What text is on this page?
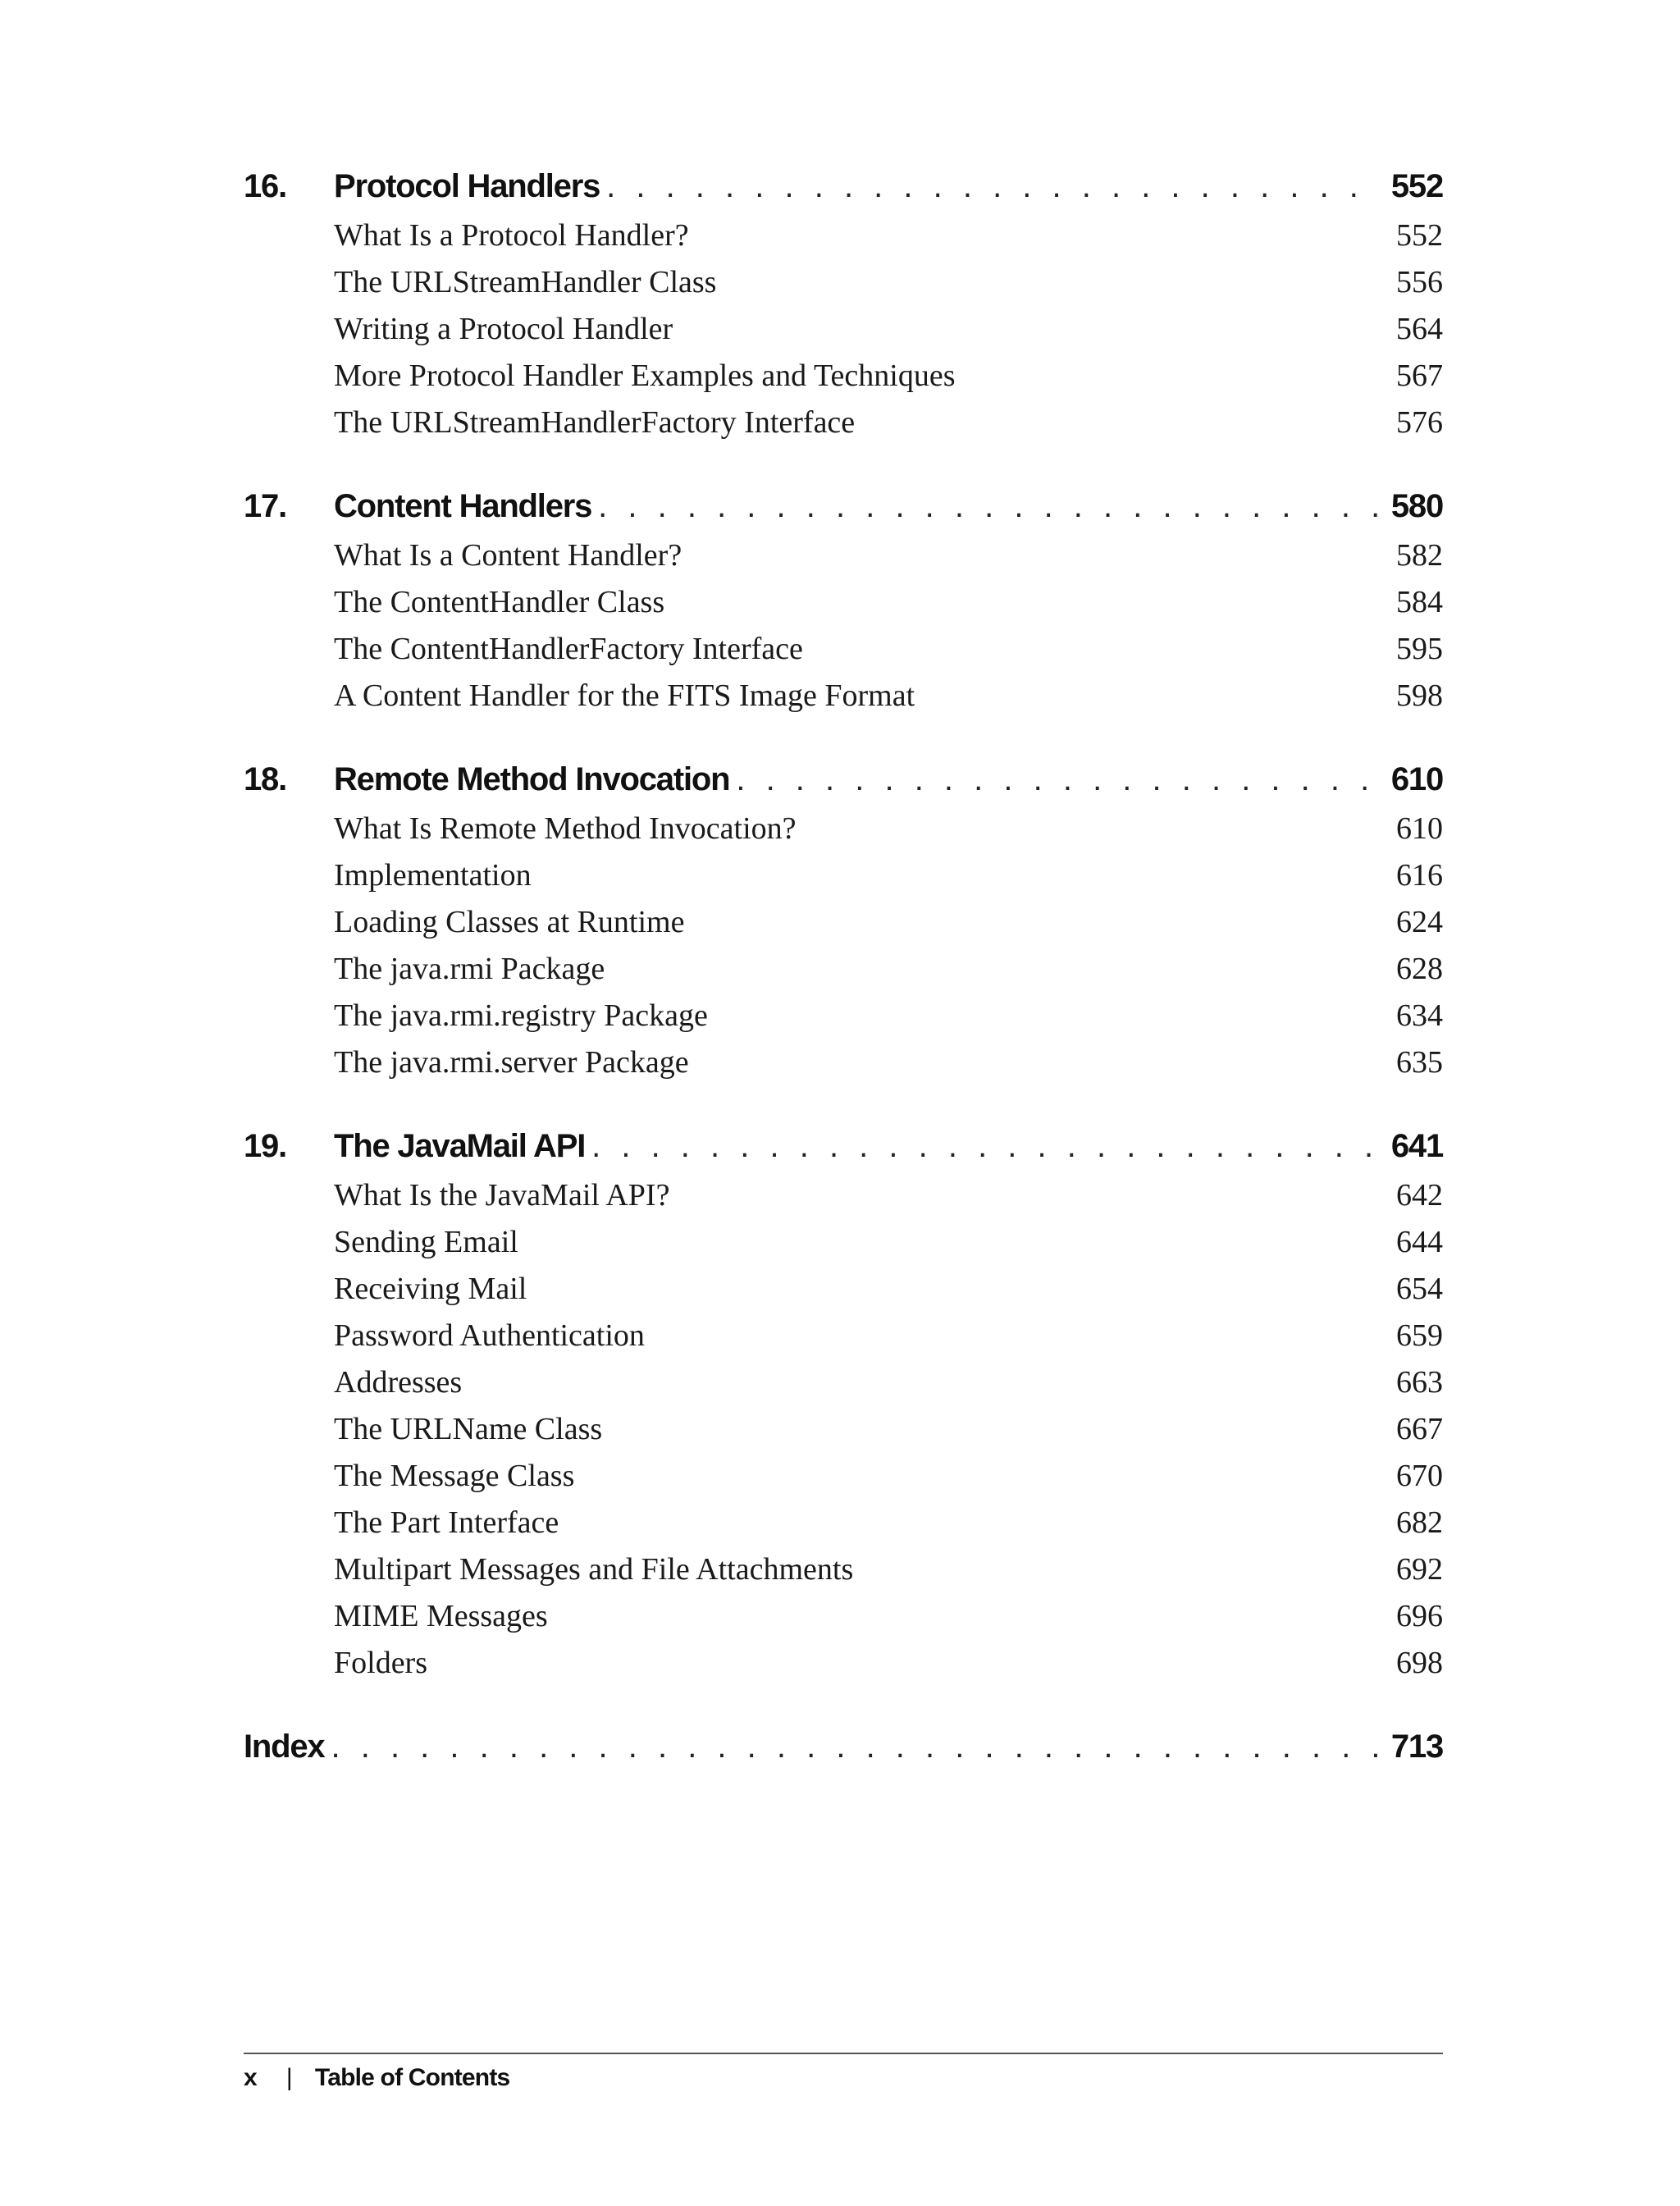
16.	Protocol Handlers . . .	552
What Is a Protocol Handler?	552
The URLStreamHandler Class	556
Writing a Protocol Handler	564
More Protocol Handler Examples and Techniques	567
The URLStreamHandlerFactory Interface	576
17.	Content Handlers . . .	580
What Is a Content Handler?	582
The ContentHandler Class	584
The ContentHandlerFactory Interface	595
A Content Handler for the FITS Image Format	598
18.	Remote Method Invocation . . .	610
What Is Remote Method Invocation?	610
Implementation	616
Loading Classes at Runtime	624
The java.rmi Package	628
The java.rmi.registry Package	634
The java.rmi.server Package	635
19.	The JavaMail API . . .	641
What Is the JavaMail API?	642
Sending Email	644
Receiving Mail	654
Password Authentication	659
Addresses	663
The URLName Class	667
The Message Class	670
The Part Interface	682
Multipart Messages and File Attachments	692
MIME Messages	696
Folders	698
Index . . .	713
x | Table of Contents
